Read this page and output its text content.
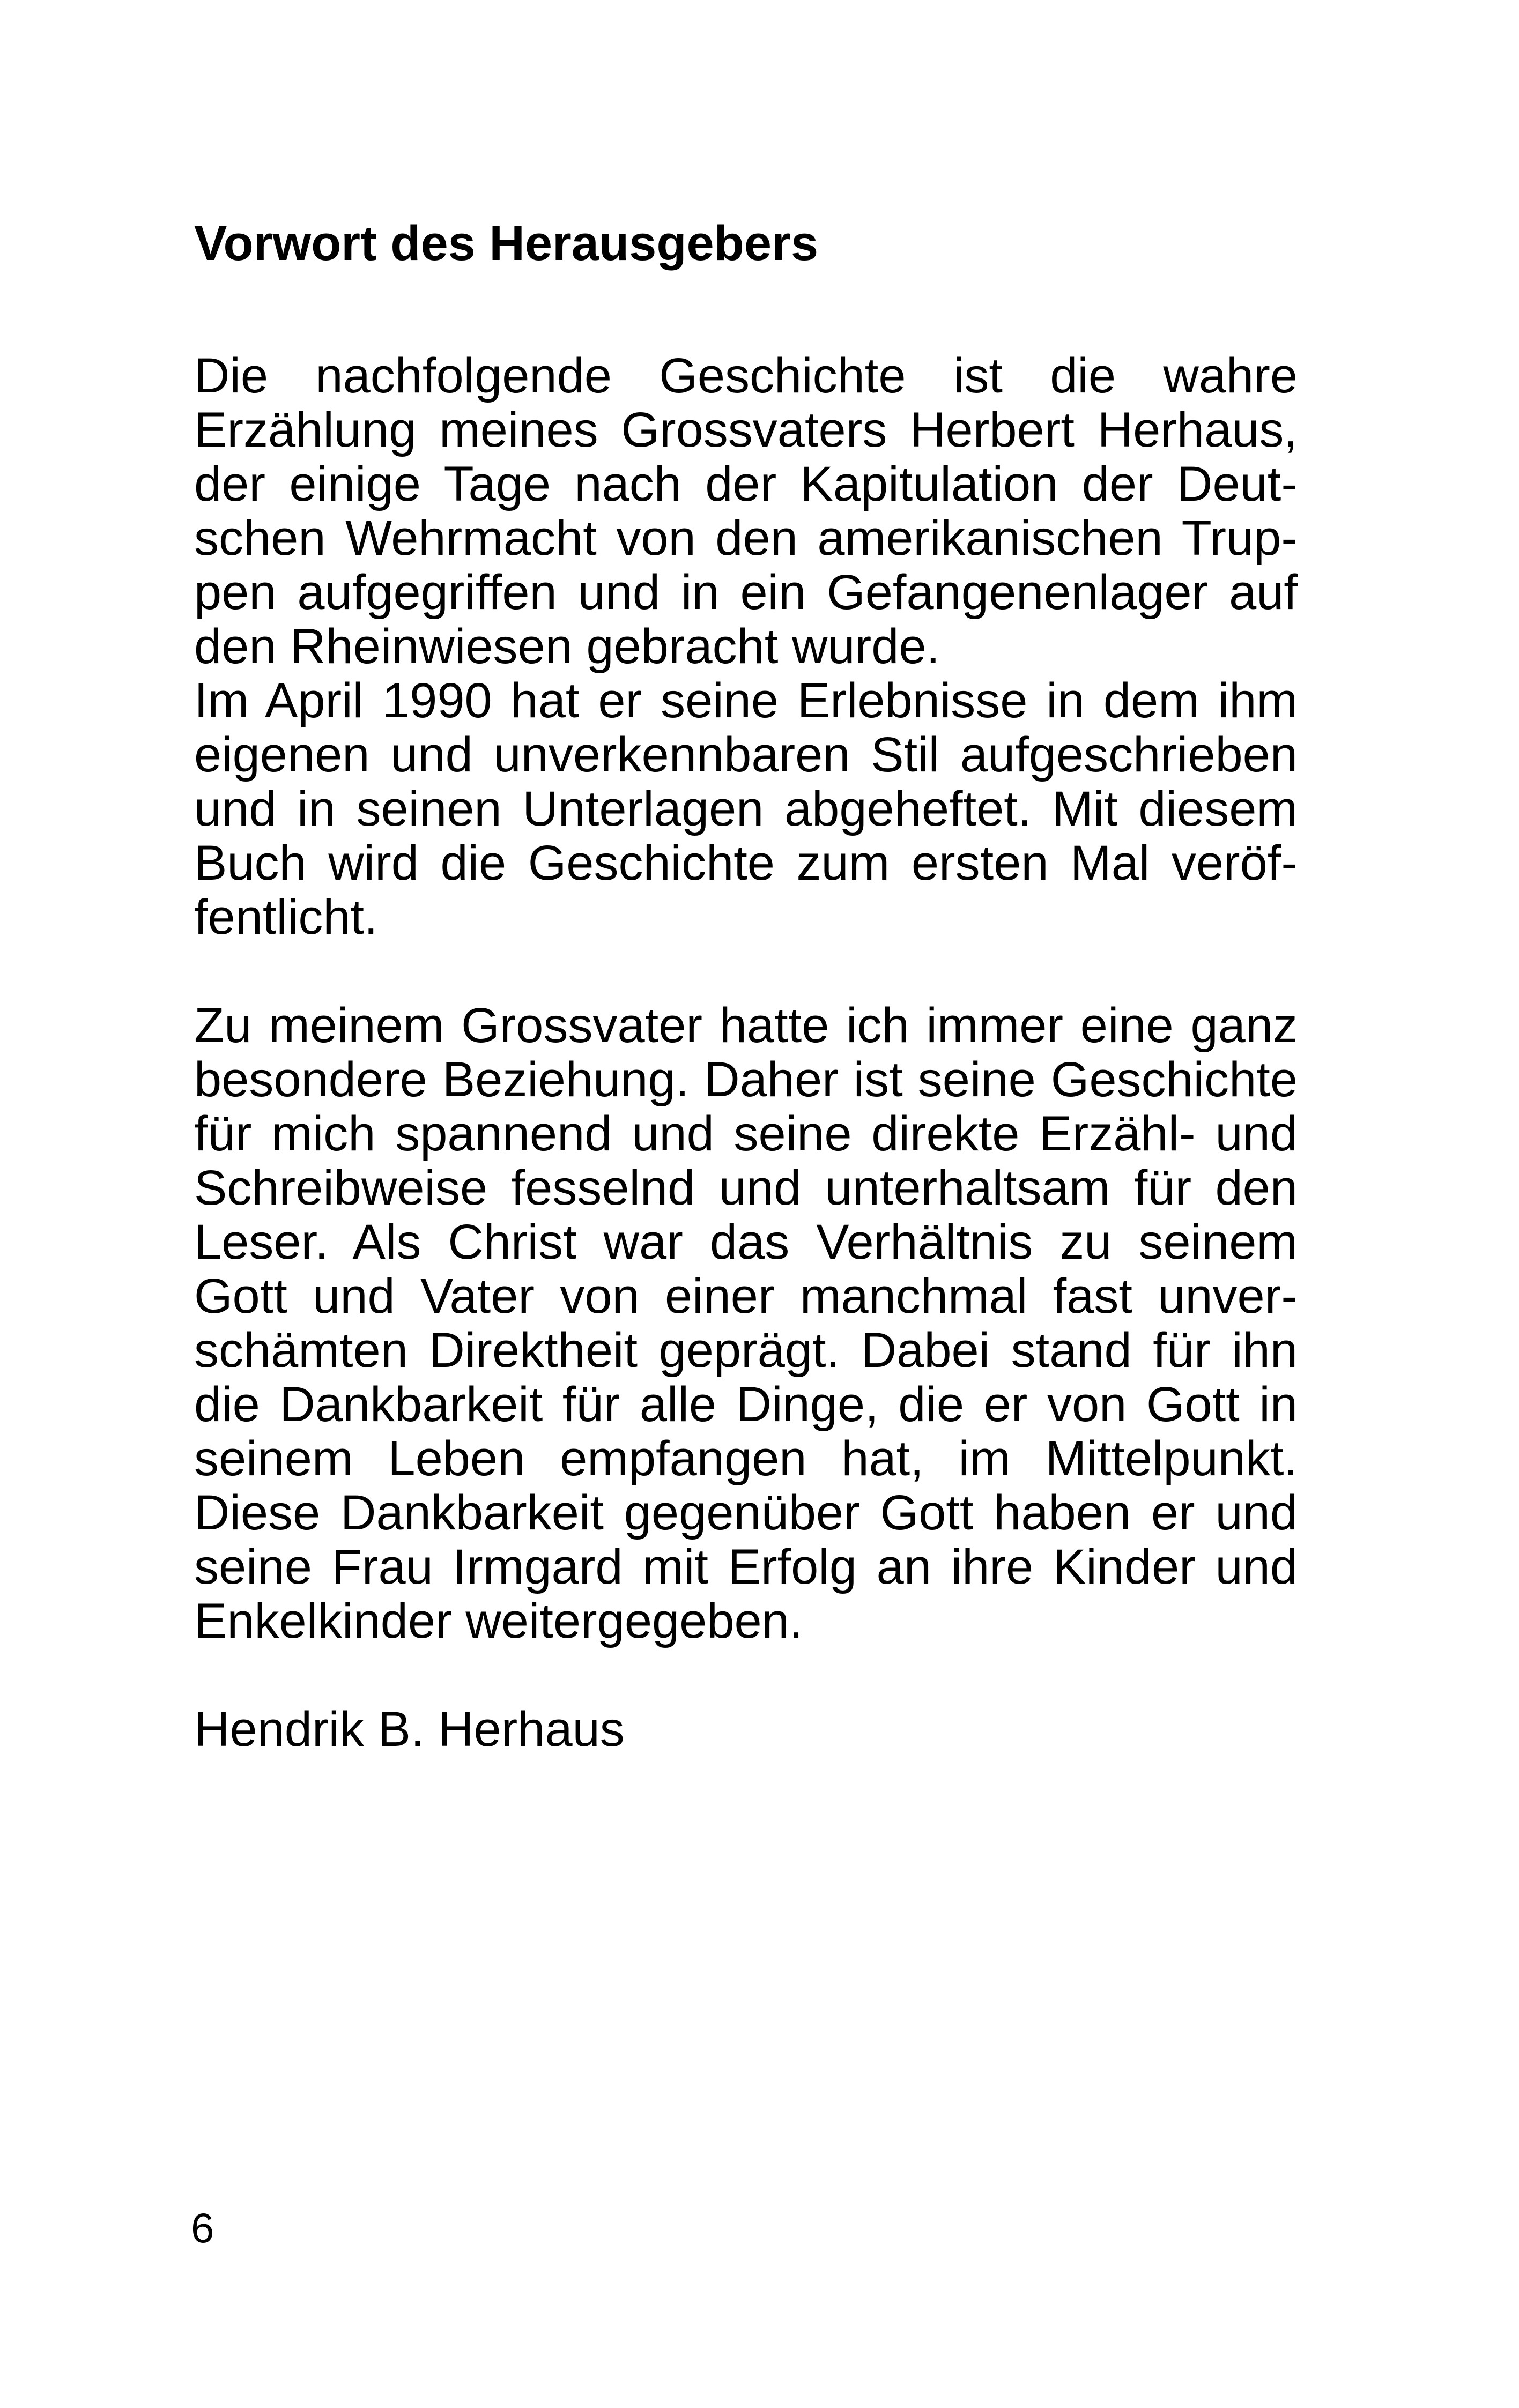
Vorwort des Herausgebers
Die nachfolgende Geschichte ist die wahre
Erzählung meines Grossvaters Herbert Herhaus,
der einige Tage nach der Kapitulation der Deut-
schen Wehrmacht von den amerikanischen Trup-
pen aufgegriffen und in ein Gefangenenlager auf
den Rheinwiesen gebracht wurde.
Im April 1990 hat er seine Erlebnisse in dem ihm
eigenen und unverkennbaren Stil aufgeschrieben
und in seinen Unterlagen abgeheftet. Mit diesem
Buch wird die Geschichte zum ersten Mal veröf-
fentlicht.
Zu meinem Grossvater hatte ich immer eine ganz
besondere Beziehung. Daher ist seine Geschichte
für mich spannend und seine direkte Erzähl- und
Schreibweise fesselnd und unterhaltsam für den
Leser. Als Christ war das Verhältnis zu seinem
Gott und Vater von einer manchmal fast unver-
schämten Direktheit geprägt. Dabei stand für ihn
die Dankbarkeit für alle Dinge, die er von Gott in
seinem Leben empfangen hat, im Mittelpunkt.
Diese Dankbarkeit gegenüber Gott haben er und
seine Frau Irmgard mit Erfolg an ihre Kinder und
Enkelkinder weitergegeben.
Hendrik B. Herhaus
6
